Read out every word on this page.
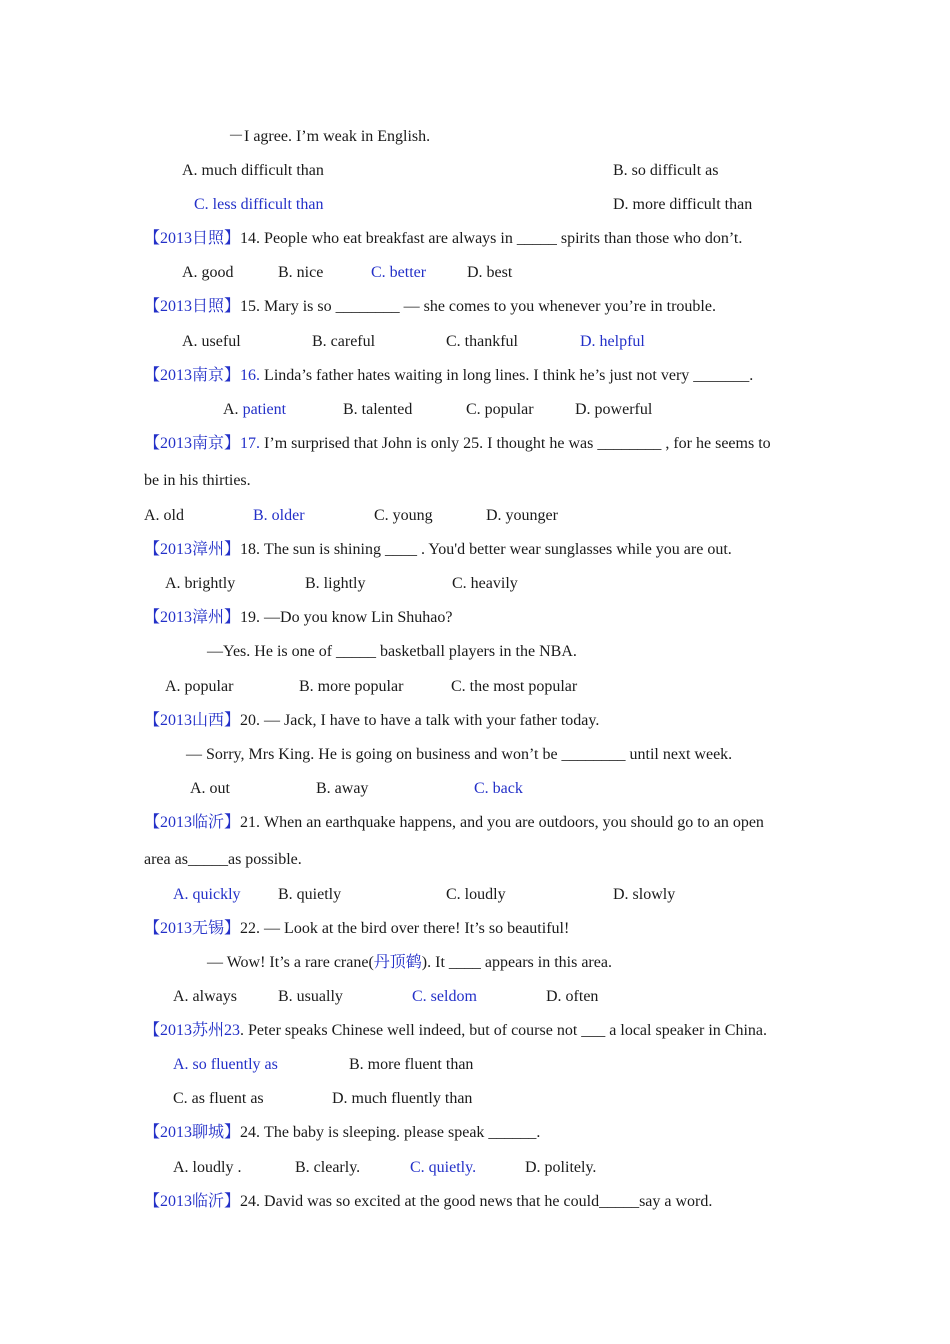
－I agree. I’m weak in English.
A. much difficult than	B. so difficult as
C. less difficult than	D. more difficult than
【2013日照】14. People who eat breakfast are always in _____ spirits than those who don’t.
A. good	B. nice	C. better	D. best
【2013日照】15. Mary is so ________ — she comes to you whenever you’re in trouble.
A. useful	B. careful	C. thankful	D. helpful
【2013南京】16. Linda’s father hates waiting in long lines. I think he’s just not very _______.
A. patient	B. talented	C. popular	D. powerful
【2013南京】17. I’m surprised that John is only 25. I thought he was ________ , for he seems to
be in his thirties.
A. old	B. older	C. young	D. younger
【2013漳州】18. The sun is shining ____ . You'd better wear sunglasses while you are out.
A. brightly	B. lightly	C. heavily
【2013漳州】19. —Do you know Lin Shuhao?
—Yes. He is one of _____ basketball players in the NBA.
A. popular	B. more popular	C. the most popular
【2013山西】20. — Jack, I have to have a talk with your father today.
— Sorry, Mrs King. He is going on business and won’t be ________ until next week.
A. out	B. away	C. back
【2013临沂】21. When an earthquake happens, and you are outdoors, you should go to an open
area as_____as possible.
A. quickly B. quietly	C. loudly	D. slowly
【2013无锡】22. — Look at the bird over there! It’s so beautiful!
— Wow! It’s a rare crane(丹顶鹤). It ____ appears in this area.
A. always	B. usually	C. seldom	D. often
【2013苏州23. Peter speaks Chinese well indeed, but of course not ___ a local speaker in China.
A. so fluently as	B. more fluent than
C. as fluent as	D. much fluently than
【2013聊城】24. The baby is sleeping. please speak ______.
A. loudly .	B. clearly.	C. quietly.	D. politely.
【2013临沂】24. David was so excited at the good news that he could_____say a word.
